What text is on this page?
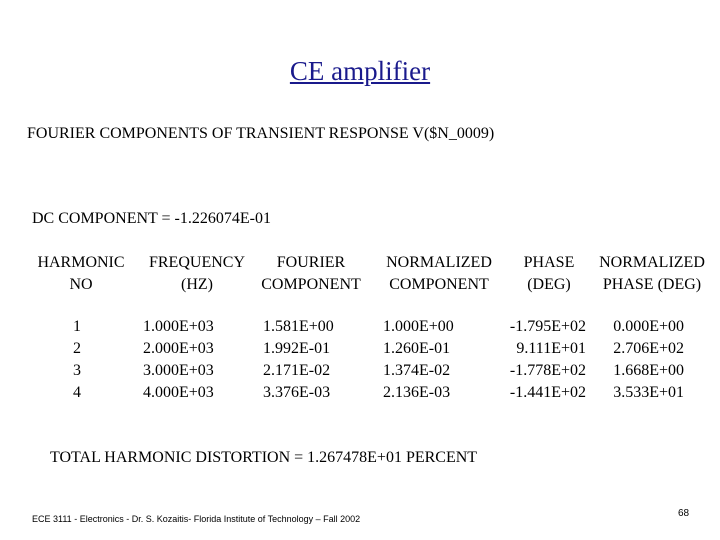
CE amplifier
FOURIER COMPONENTS OF TRANSIENT RESPONSE V($N_0009)
DC COMPONENT = -1.226074E-01
HARMONIC
NO
FREQUENCY
(HZ)
FOURIER
COMPONENT
NORMALIZED
COMPONENT
PHASE
(DEG)
NORMALIZED
PHASE (DEG)
1
2
3
4
1.000E+03
2.000E+03
3.000E+03
4.000E+03
1.581E+00
1.992E-01
2.171E-02
3.376E-03
1.000E+00
1.260E-01
1.374E-02
2.136E-03
-1.795E+02
9.111E+01
-1.778E+02
-1.441E+02
0.000E+00
2.706E+02
1.668E+00
3.533E+01
TOTAL HARMONIC DISTORTION = 1.267478E+01 PERCENT
ECE 3111 - Electronics - Dr. S. Kozaitis- Florida Institute of Technology – Fall 2002	68
